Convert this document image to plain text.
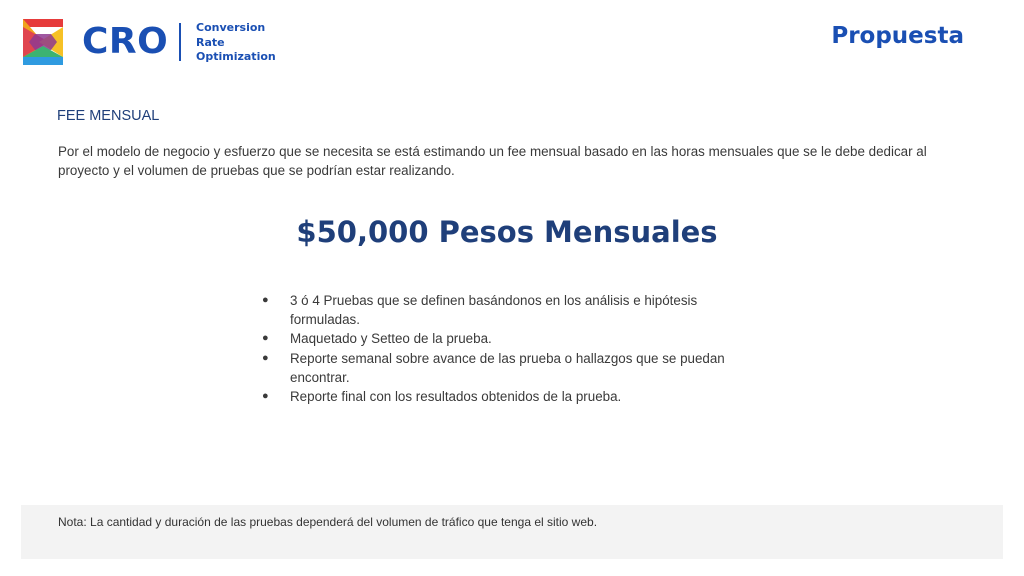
CRO	Conversion
Rate
Optimization
Propuesta
FEE MENSUAL

Por el modelo de negocio y esfuerzo que se necesita se está estimando un fee mensual basado en las horas mensuales que se le debe dedicar al proyecto y el volumen de pruebas que se podrían estar realizando.

$50,000 Pesos Mensuales
● 3 ó 4 Pruebas que se definen basándonos en los análisis e hipótesis formuladas.
● Maquetado y Setteo de la prueba.
● Reporte semanal sobre avance de las prueba o hallazgos que se puedan encontrar.
● Reporte final con los resultados obtenidos de la prueba.
Nota: La cantidad y duración de las pruebas dependerá del volumen de tráfico que tenga el sitio web.
